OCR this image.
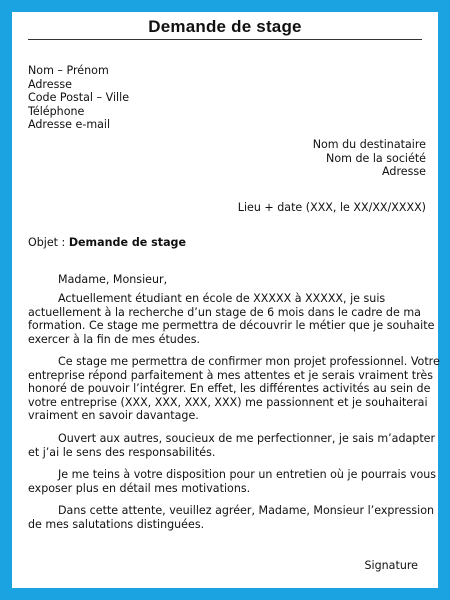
Demande de stage
Nom – Prénom
Adresse
Code Postal – Ville
Téléphone
Adresse e-mail
Nom du destinataire
Nom de la société
Adresse
Lieu + date (XXX, le XX/XX/XXXX)
Objet : Demande de stage
Madame, Monsieur,
Actuellement étudiant en école de XXXXX à XXXXX, je suis
actuellement à la recherche d’un stage de 6 mois dans le cadre de ma
formation. Ce stage me permettra de découvrir le métier que je souhaite
exercer à la fin de mes études.
Ce stage me permettra de confirmer mon projet professionnel. Votre
entreprise répond parfaitement à mes attentes et je serais vraiment très
honoré de pouvoir l’intégrer. En effet, les différentes activités au sein de
votre entreprise (XXX, XXX, XXX, XXX) me passionnent et je souhaiterai
vraiment en savoir davantage.
Ouvert aux autres, soucieux de me perfectionner, je sais m’adapter
et j’ai le sens des responsabilités.
Je me teins à votre disposition pour un entretien où je pourrais vous
exposer plus en détail mes motivations.
Dans cette attente, veuillez agréer, Madame, Monsieur l’expression
de mes salutations distinguées.
Signature
